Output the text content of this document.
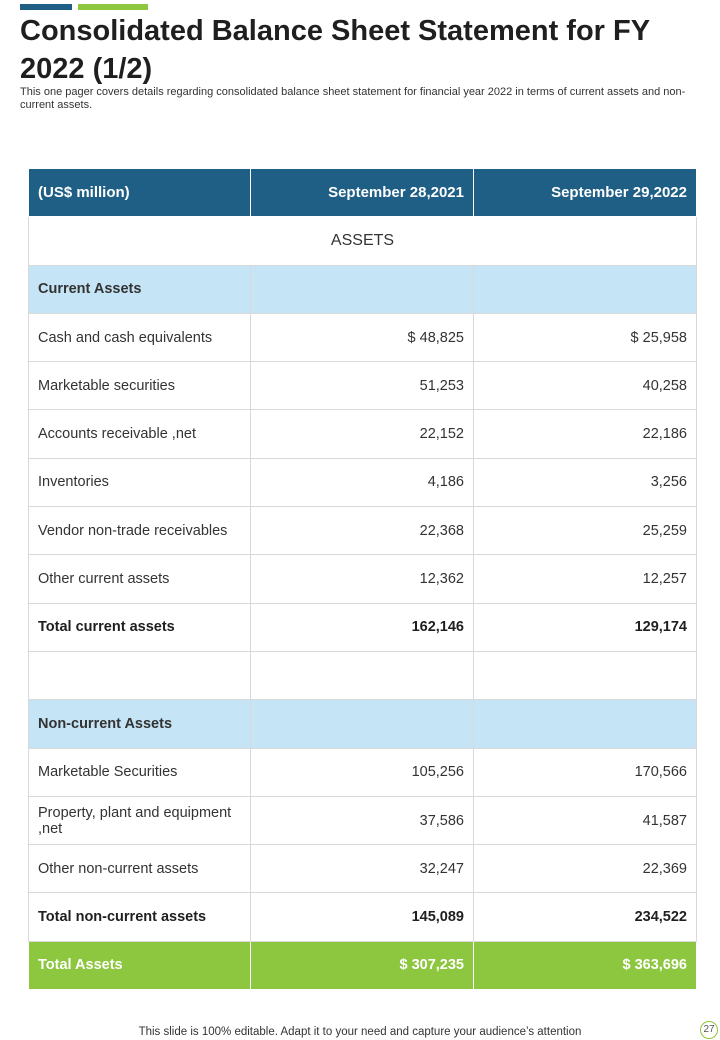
Consolidated Balance Sheet Statement for FY 2022 (1/2)
This one pager covers details regarding consolidated balance sheet statement for financial year 2022 in terms of current assets and non-current assets.
(US$ million)	September 28,2021	September 29,2022
ASSETS		
Current Assets		
Cash and cash equivalents	$ 48,825	$ 25,958
Marketable securities	51,253	40,258
Accounts receivable ,net	22,152	22,186
Inventories	4,186	3,256
Vendor non-trade receivables	22,368	25,259
Other current assets	12,362	12,257
Total current assets	162,146	129,174

Non-current Assets		
Marketable Securities	105,256	170,566
Property, plant and equipment ,net	37,586	41,587
Other non-current assets	32,247	22,369
Total non-current assets	145,089	234,522
Total Assets	$ 307,235	$ 363,696
This slide is 100% editable. Adapt it to your need and capture your audience’s attention	27
